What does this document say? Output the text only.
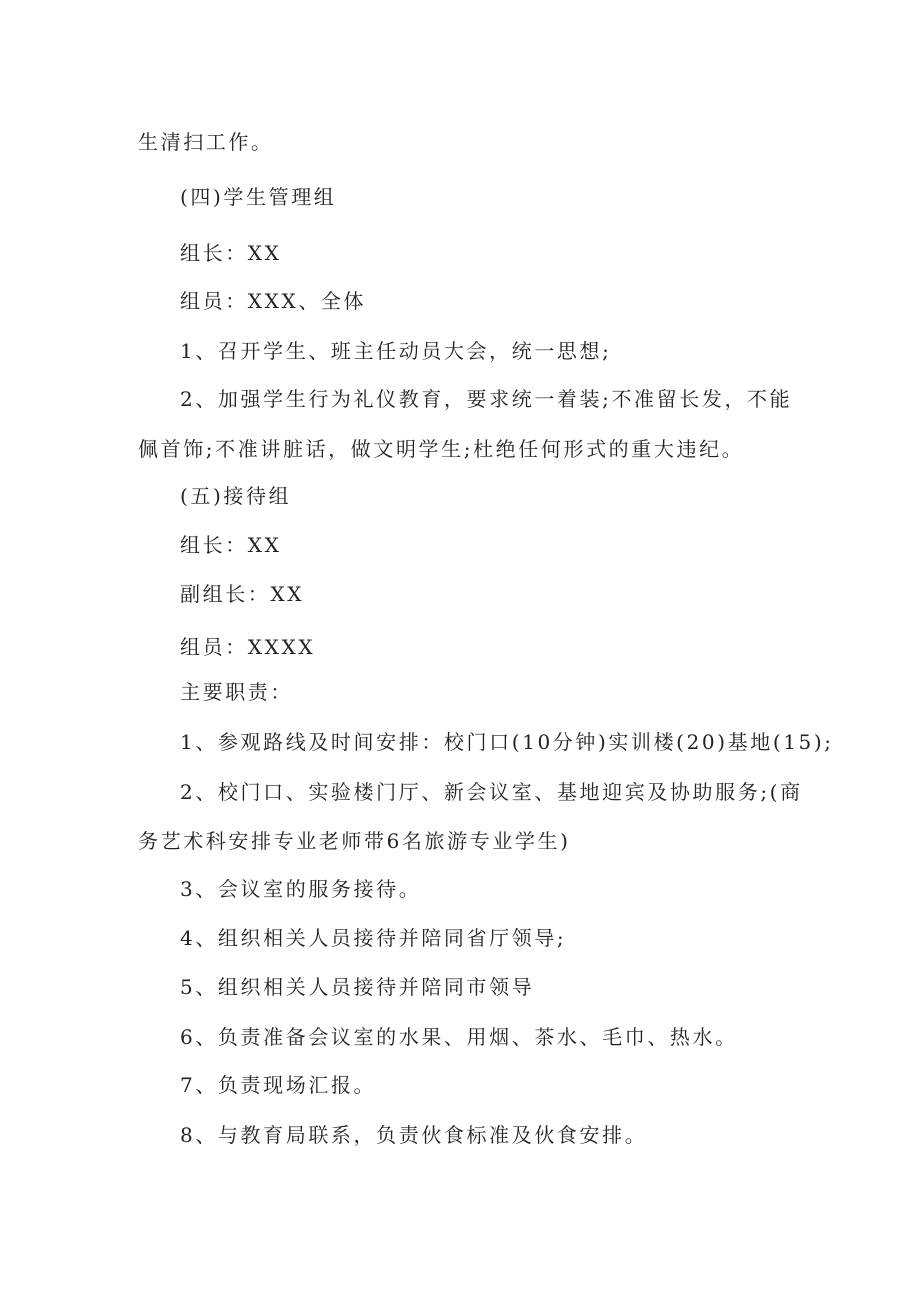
生清扫工作。

(四)学生管理组

组长：XX

组员：XXX、全体

1、召开学生、班主任动员大会，统一思想;

2、加强学生行为礼仪教育，要求统一着装;不准留长发，不能

佩首饰;不准讲脏话，做文明学生;杜绝任何形式的重大违纪。

(五)接待组

组长：XX

副组长：XX

组员：XXXX

主要职责：

1、参观路线及时间安排：校门口(10分钟)实训楼(20)基地(15);

2、校门口、实验楼门厅、新会议室、基地迎宾及协助服务;(商

务艺术科安排专业老师带6名旅游专业学生)

3、会议室的服务接待。

4、组织相关人员接待并陪同省厅领导;

5、组织相关人员接待并陪同市领导

6、负责准备会议室的水果、用烟、茶水、毛巾、热水。

7、负责现场汇报。

8、与教育局联系，负责伙食标准及伙食安排。
